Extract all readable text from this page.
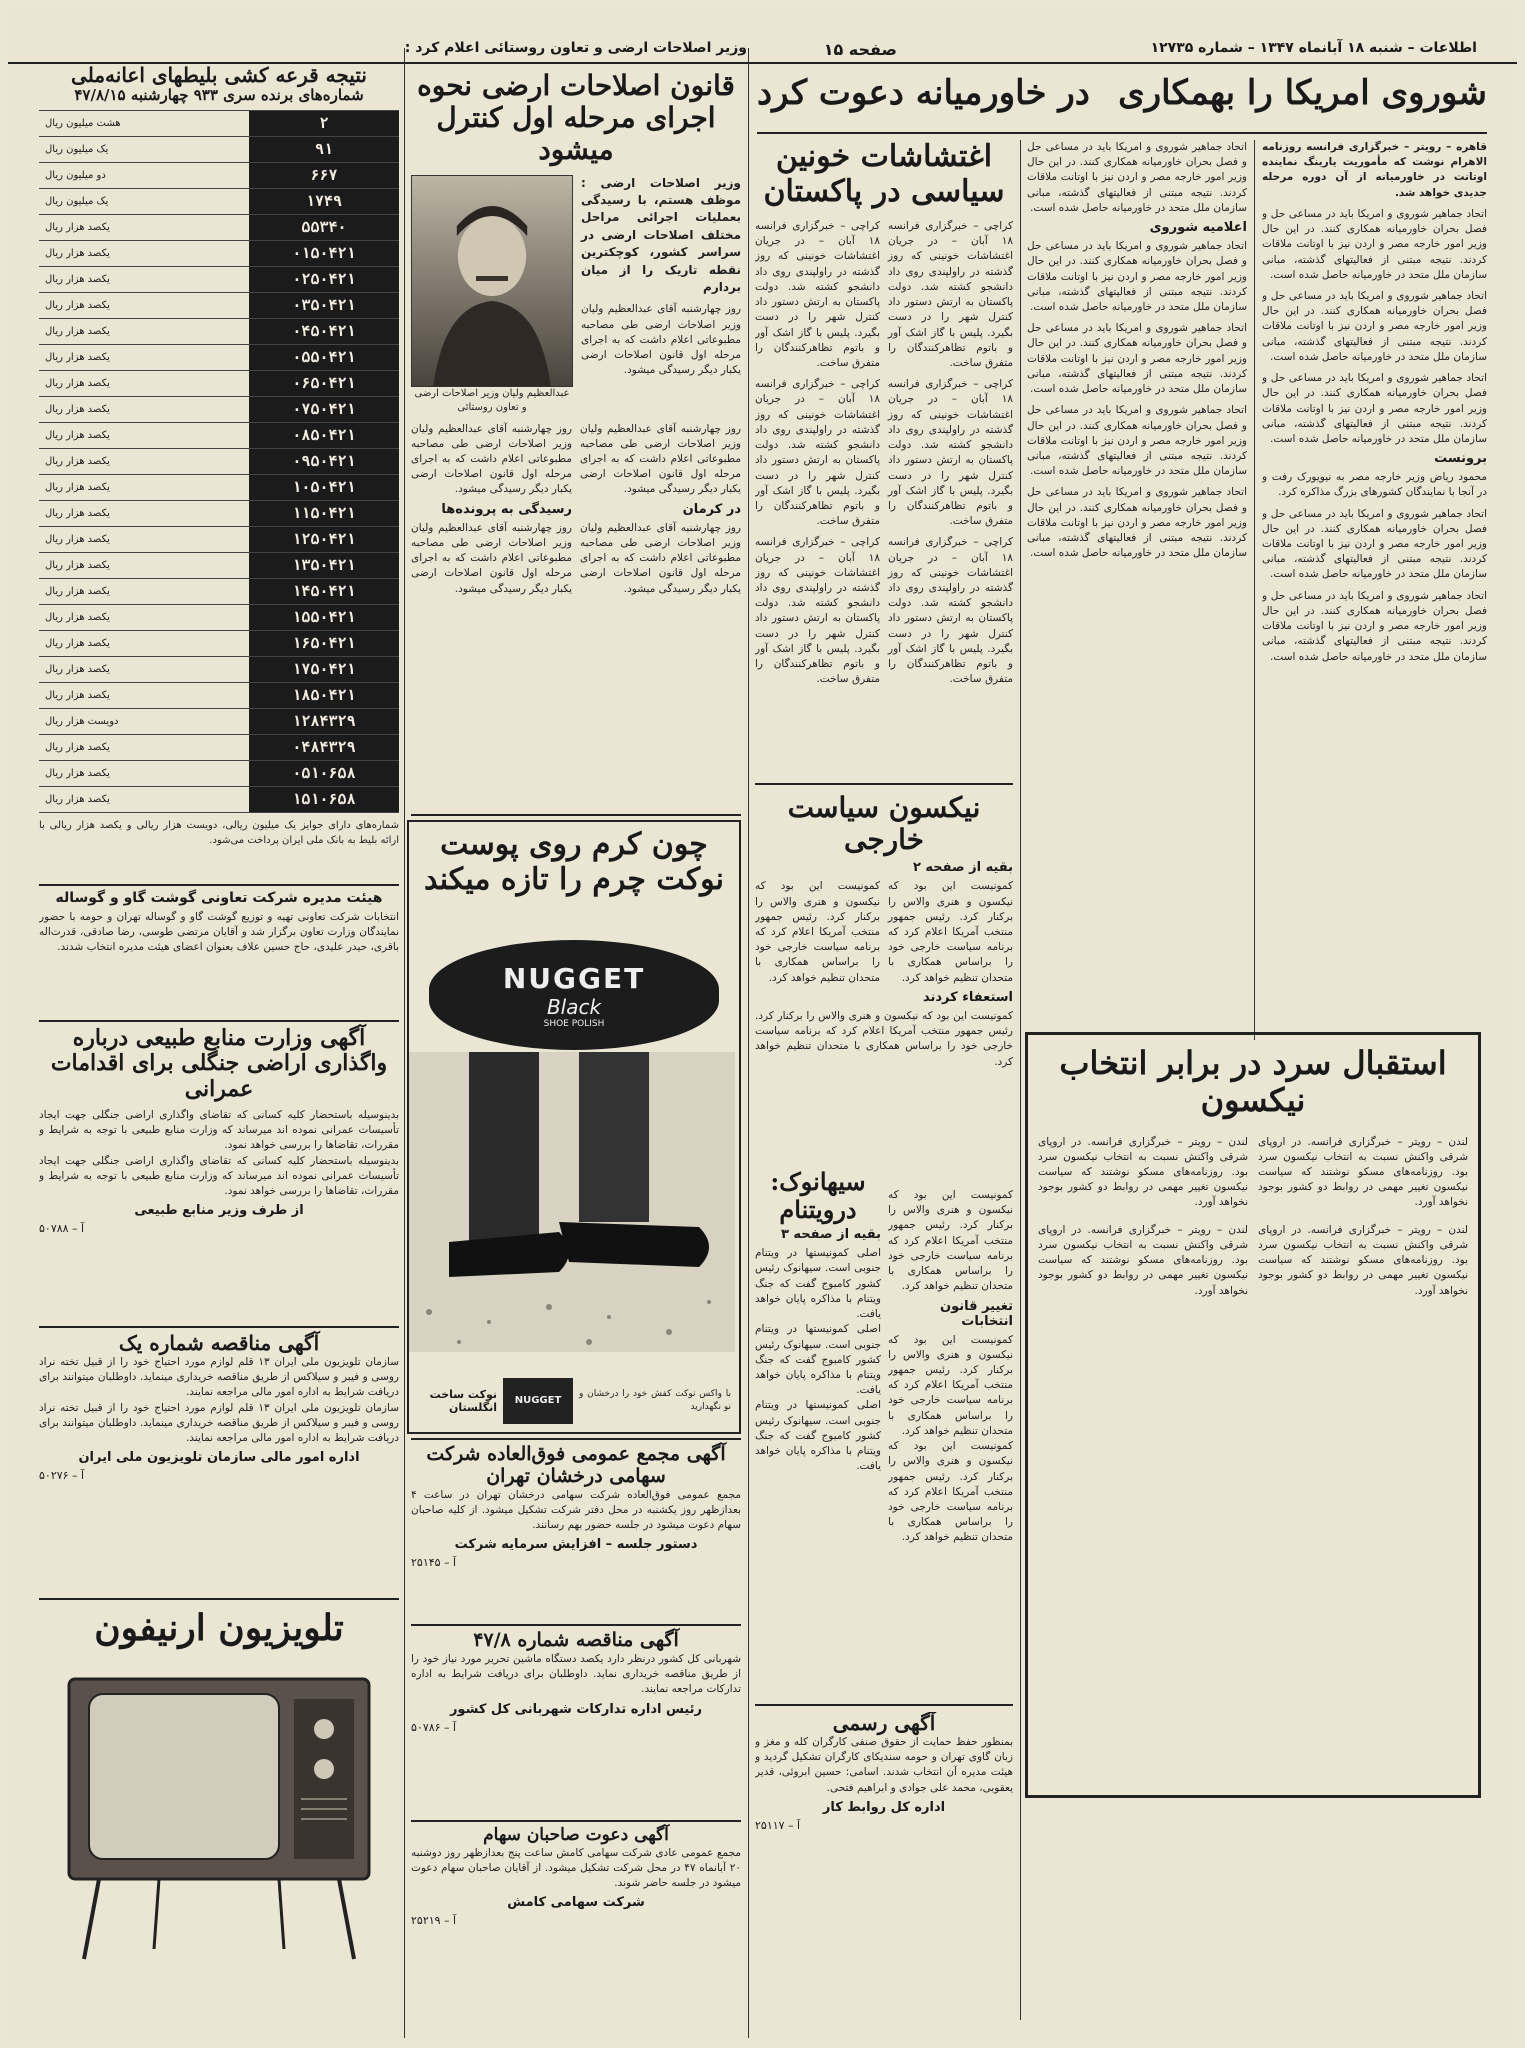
اطلاعات – شنبه ۱۸ آبانماه ۱۳۴۷ – شماره ۱۲۷۳۵
صفحه ۱۵
وزیر اصلاحات ارضی و تعاون روستائی اعلام کرد :
شوروی امریکا را بهمکاری
در خاورمیانه دعوت کرد
قاهره – رویتر – خبرگزاری فرانسه روزنامه الاهرام نوشت که مأموریت یارینگ نماینده اوتانت در خاورمیانه از آن دوره مرحله جدیدی خواهد شد.
اتحاد جماهیر شوروی و امریکا باید در مساعی حل و فصل بحران خاورمیانه همکاری کنند. در این حال وزیر امور خارجه مصر و اردن نیز با اوتانت ملاقات کردند. نتیجه مبتنی از فعالیتهای گذشته، مبانی سازمان ملل متحد در خاورمیانه حاصل شده است.
اتحاد جماهیر شوروی و امریکا باید در مساعی حل و فصل بحران خاورمیانه همکاری کنند. در این حال وزیر امور خارجه مصر و اردن نیز با اوتانت ملاقات کردند. نتیجه مبتنی از فعالیتهای گذشته، مبانی سازمان ملل متحد در خاورمیانه حاصل شده است.
اتحاد جماهیر شوروی و امریکا باید در مساعی حل و فصل بحران خاورمیانه همکاری کنند. در این حال وزیر امور خارجه مصر و اردن نیز با اوتانت ملاقات کردند. نتیجه مبتنی از فعالیتهای گذشته، مبانی سازمان ملل متحد در خاورمیانه حاصل شده است.
برونست
محمود ریاض وزیر خارجه مصر به نیویورک رفت و در آنجا با نمایندگان کشورهای بزرگ مذاکره کرد.
اتحاد جماهیر شوروی و امریکا باید در مساعی حل و فصل بحران خاورمیانه همکاری کنند. در این حال وزیر امور خارجه مصر و اردن نیز با اوتانت ملاقات کردند. نتیجه مبتنی از فعالیتهای گذشته، مبانی سازمان ملل متحد در خاورمیانه حاصل شده است.
اتحاد جماهیر شوروی و امریکا باید در مساعی حل و فصل بحران خاورمیانه همکاری کنند. در این حال وزیر امور خارجه مصر و اردن نیز با اوتانت ملاقات کردند. نتیجه مبتنی از فعالیتهای گذشته، مبانی سازمان ملل متحد در خاورمیانه حاصل شده است.
اتحاد جماهیر شوروی و امریکا باید در مساعی حل و فصل بحران خاورمیانه همکاری کنند. در این حال وزیر امور خارجه مصر و اردن نیز با اوتانت ملاقات کردند. نتیجه مبتنی از فعالیتهای گذشته، مبانی سازمان ملل متحد در خاورمیانه حاصل شده است.
اعلامیه شوروی
اتحاد جماهیر شوروی و امریکا باید در مساعی حل و فصل بحران خاورمیانه همکاری کنند. در این حال وزیر امور خارجه مصر و اردن نیز با اوتانت ملاقات کردند. نتیجه مبتنی از فعالیتهای گذشته، مبانی سازمان ملل متحد در خاورمیانه حاصل شده است.
اتحاد جماهیر شوروی و امریکا باید در مساعی حل و فصل بحران خاورمیانه همکاری کنند. در این حال وزیر امور خارجه مصر و اردن نیز با اوتانت ملاقات کردند. نتیجه مبتنی از فعالیتهای گذشته، مبانی سازمان ملل متحد در خاورمیانه حاصل شده است.
اتحاد جماهیر شوروی و امریکا باید در مساعی حل و فصل بحران خاورمیانه همکاری کنند. در این حال وزیر امور خارجه مصر و اردن نیز با اوتانت ملاقات کردند. نتیجه مبتنی از فعالیتهای گذشته، مبانی سازمان ملل متحد در خاورمیانه حاصل شده است.
اتحاد جماهیر شوروی و امریکا باید در مساعی حل و فصل بحران خاورمیانه همکاری کنند. در این حال وزیر امور خارجه مصر و اردن نیز با اوتانت ملاقات کردند. نتیجه مبتنی از فعالیتهای گذشته، مبانی سازمان ملل متحد در خاورمیانه حاصل شده است.
استقبال سرد در برابر انتخاب نیکسون
لندن – رویتر – خبرگزاری فرانسه. در اروپای شرقی واکنش نسبت به انتخاب نیکسون سرد بود. روزنامه‌های مسکو نوشتند که سیاست نیکسون تغییر مهمی در روابط دو کشور بوجود نخواهد آورد.
لندن – رویتر – خبرگزاری فرانسه. در اروپای شرقی واکنش نسبت به انتخاب نیکسون سرد بود. روزنامه‌های مسکو نوشتند که سیاست نیکسون تغییر مهمی در روابط دو کشور بوجود نخواهد آورد.
لندن – رویتر – خبرگزاری فرانسه. در اروپای شرقی واکنش نسبت به انتخاب نیکسون سرد بود. روزنامه‌های مسکو نوشتند که سیاست نیکسون تغییر مهمی در روابط دو کشور بوجود نخواهد آورد.
لندن – رویتر – خبرگزاری فرانسه. در اروپای شرقی واکنش نسبت به انتخاب نیکسون سرد بود. روزنامه‌های مسکو نوشتند که سیاست نیکسون تغییر مهمی در روابط دو کشور بوجود نخواهد آورد.
اغتشاشات خونین سیاسی در پاکستان
کراچی – خبرگزاری فرانسه ۱۸ آبان – در جریان اغتشاشات خونینی که روز گذشته در راولپندی روی داد دانشجو کشته شد. دولت پاکستان به ارتش دستور داد کنترل شهر را در دست بگیرد. پلیس با گاز اشک آور و باتوم تظاهرکنندگان را متفرق ساخت.
کراچی – خبرگزاری فرانسه ۱۸ آبان – در جریان اغتشاشات خونینی که روز گذشته در راولپندی روی داد دانشجو کشته شد. دولت پاکستان به ارتش دستور داد کنترل شهر را در دست بگیرد. پلیس با گاز اشک آور و باتوم تظاهرکنندگان را متفرق ساخت.
کراچی – خبرگزاری فرانسه ۱۸ آبان – در جریان اغتشاشات خونینی که روز گذشته در راولپندی روی داد دانشجو کشته شد. دولت پاکستان به ارتش دستور داد کنترل شهر را در دست بگیرد. پلیس با گاز اشک آور و باتوم تظاهرکنندگان را متفرق ساخت.
کراچی – خبرگزاری فرانسه ۱۸ آبان – در جریان اغتشاشات خونینی که روز گذشته در راولپندی روی داد دانشجو کشته شد. دولت پاکستان به ارتش دستور داد کنترل شهر را در دست بگیرد. پلیس با گاز اشک آور و باتوم تظاهرکنندگان را متفرق ساخت.
کراچی – خبرگزاری فرانسه ۱۸ آبان – در جریان اغتشاشات خونینی که روز گذشته در راولپندی روی داد دانشجو کشته شد. دولت پاکستان به ارتش دستور داد کنترل شهر را در دست بگیرد. پلیس با گاز اشک آور و باتوم تظاهرکنندگان را متفرق ساخت.
کراچی – خبرگزاری فرانسه ۱۸ آبان – در جریان اغتشاشات خونینی که روز گذشته در راولپندی روی داد دانشجو کشته شد. دولت پاکستان به ارتش دستور داد کنترل شهر را در دست بگیرد. پلیس با گاز اشک آور و باتوم تظاهرکنندگان را متفرق ساخت.
نیکسون سیاست خارجی
بقیه از صفحه ۲
کمونیست این بود که نیکسون و هنری والاس را برکنار کرد. رئیس جمهور منتخب آمریکا اعلام کرد که برنامه سیاست خارجی خود را براساس همکاری با متحدان تنظیم خواهد کرد.
کمونیست این بود که نیکسون و هنری والاس را برکنار کرد. رئیس جمهور منتخب آمریکا اعلام کرد که برنامه سیاست خارجی خود را براساس همکاری با متحدان تنظیم خواهد کرد.
استعفاء کردند
کمونیست این بود که نیکسون و هنری والاس را برکنار کرد. رئیس جمهور منتخب آمریکا اعلام کرد که برنامه سیاست خارجی خود را براساس همکاری با متحدان تنظیم خواهد کرد.
کمونیست این بود که نیکسون و هنری والاس را برکنار کرد. رئیس جمهور منتخب آمریکا اعلام کرد که برنامه سیاست خارجی خود را براساس همکاری با متحدان تنظیم خواهد کرد.
تغییر قانون انتخابات
کمونیست این بود که نیکسون و هنری والاس را برکنار کرد. رئیس جمهور منتخب آمریکا اعلام کرد که برنامه سیاست خارجی خود را براساس همکاری با متحدان تنظیم خواهد کرد.
کمونیست این بود که نیکسون و هنری والاس را برکنار کرد. رئیس جمهور منتخب آمریکا اعلام کرد که برنامه سیاست خارجی خود را براساس همکاری با متحدان تنظیم خواهد کرد.
سیهانوک: درویتنام
بقیه از صفحه ۳
اصلی کمونیستها در ویتنام جنوبی است. سیهانوک رئیس کشور کامبوج گفت که جنگ ویتنام با مذاکره پایان خواهد یافت.
اصلی کمونیستها در ویتنام جنوبی است. سیهانوک رئیس کشور کامبوج گفت که جنگ ویتنام با مذاکره پایان خواهد یافت.
اصلی کمونیستها در ویتنام جنوبی است. سیهانوک رئیس کشور کامبوج گفت که جنگ ویتنام با مذاکره پایان خواهد یافت.
آگهی رسمی
بمنظور حفظ حمایت از حقوق صنفی کارگران کله و مغز و زبان گاوی تهران و حومه سندیکای کارگران تشکیل گردید و هیئت مدیره آن انتخاب شدند. اسامی: حسین ابروئی، قدیر یعقوبی، محمد علی جوادی و ابراهیم فتحی.
اداره کل روابط کار
آ – ۲۵۱۱۷
قانون اصلاحات ارضی نحوه اجرای مرحله اول کنترل میشود
وزیر اصلاحات ارضی : موظف هستم، با رسیدگی بعملیات اجرائی مراحل مختلف اصلاحات ارضی در سراسر کشور، کوچکترین نقطه تاریک را از میان بردارم
روز چهارشنبه آقای عبدالعظیم ولیان وزیر اصلاحات ارضی طی مصاحبه مطبوعاتی اعلام داشت که به اجرای مرحله اول قانون اصلاحات ارضی یکبار دیگر رسیدگی میشود.
عبدالعظیم ولیان وزیر اصلاحات ارضی و تعاون روستائی
روز چهارشنبه آقای عبدالعظیم ولیان وزیر اصلاحات ارضی طی مصاحبه مطبوعاتی اعلام داشت که به اجرای مرحله اول قانون اصلاحات ارضی یکبار دیگر رسیدگی میشود.
روز چهارشنبه آقای عبدالعظیم ولیان وزیر اصلاحات ارضی طی مصاحبه مطبوعاتی اعلام داشت که به اجرای مرحله اول قانون اصلاحات ارضی یکبار دیگر رسیدگی میشود.
در کرمان
روز چهارشنبه آقای عبدالعظیم ولیان وزیر اصلاحات ارضی طی مصاحبه مطبوعاتی اعلام داشت که به اجرای مرحله اول قانون اصلاحات ارضی یکبار دیگر رسیدگی میشود.
رسیدگی به پرونده‌ها
روز چهارشنبه آقای عبدالعظیم ولیان وزیر اصلاحات ارضی طی مصاحبه مطبوعاتی اعلام داشت که به اجرای مرحله اول قانون اصلاحات ارضی یکبار دیگر رسیدگی میشود.
چون کرم روی پوست نوکت چرم را تازه میکند
NUGGET
Black
SHOE POLISH
با واکس نوکت کفش خود را درخشان و نو نگهدارید
NUGGET
نوکت ساخت انگلستان
آگهی مجمع عمومی فوق‌العاده شرکت سهامی درخشان تهران
مجمع عمومی فوق‌العاده شرکت سهامی درخشان تهران در ساعت ۴ بعدازظهر روز یکشنبه در محل دفتر شرکت تشکیل میشود. از کلیه صاحبان سهام دعوت میشود در جلسه حضور بهم رسانند.
دستور جلسه – افزایش سرمایه شرکت
آ – ۲۵۱۴۵
آگهی مناقصه شماره ۴۷/۸
شهربانی کل کشور درنظر دارد یکصد دستگاه ماشین تحریر مورد نیاز خود را از طریق مناقصه خریداری نماید. داوطلبان برای دریافت شرایط به اداره تدارکات مراجعه نمایند.
رئیس اداره تدارکات شهربانی کل کشور
آ – ۵۰۷۸۶
آگهی دعوت صاحبان سهام
مجمع عمومی عادی شرکت سهامی کامش ساعت پنج بعدازظهر روز دوشنبه ۲۰ آبانماه ۴۷ در محل شرکت تشکیل میشود. از آقایان صاحبان سهام دعوت میشود در جلسه حاضر شوند.
شرکت سهامی کامش
آ – ۲۵۲۱۹
نتیجه قرعه کشی بلیطهای اعانه‌ملی
شماره‌های برنده سری ۹۳۳ چهارشنبه ۴۷/۸/۱۵
۲
هشت میلیون ریال
۹۱
یک میلیون ریال
۶۶۷
دو میلیون ریال
۱۷۴۹
یک میلیون ریال
۵۵۳۴۰
یکصد هزار ریال
۰۱۵۰۴۲۱
یکصد هزار ریال
۰۲۵۰۴۲۱
یکصد هزار ریال
۰۳۵۰۴۲۱
یکصد هزار ریال
۰۴۵۰۴۲۱
یکصد هزار ریال
۰۵۵۰۴۲۱
یکصد هزار ریال
۰۶۵۰۴۲۱
یکصد هزار ریال
۰۷۵۰۴۲۱
یکصد هزار ریال
۰۸۵۰۴۲۱
یکصد هزار ریال
۰۹۵۰۴۲۱
یکصد هزار ریال
۱۰۵۰۴۲۱
یکصد هزار ریال
۱۱۵۰۴۲۱
یکصد هزار ریال
۱۲۵۰۴۲۱
یکصد هزار ریال
۱۳۵۰۴۲۱
یکصد هزار ریال
۱۴۵۰۴۲۱
یکصد هزار ریال
۱۵۵۰۴۲۱
یکصد هزار ریال
۱۶۵۰۴۲۱
یکصد هزار ریال
۱۷۵۰۴۲۱
یکصد هزار ریال
۱۸۵۰۴۲۱
یکصد هزار ریال
۱۲۸۴۳۲۹
دویست هزار ریال
۰۴۸۴۳۲۹
یکصد هزار ریال
۰۵۱۰۶۵۸
یکصد هزار ریال
۱۵۱۰۶۵۸
یکصد هزار ریال
شماره‌های دارای جوایز یک میلیون ریالی، دویست هزار ریالی و یکصد هزار ریالی با ارائه بلیط به بانک ملی ایران پرداخت می‌شود.
هیئت مدیره شرکت تعاونی گوشت گاو و گوساله
انتخابات شرکت تعاونی تهیه و توزیع گوشت گاو و گوساله تهران و حومه با حضور نمایندگان وزارت تعاون برگزار شد و آقایان مرتضی طوسی، رضا صادقی، قدرت‌اله باقری، حیدر علیدی، حاج حسین علاف بعنوان اعضای هیئت مدیره انتخاب شدند.
آگهی وزارت منابع طبیعی درباره واگذاری اراضی جنگلی برای اقدامات عمرانی
بدینوسیله باستحضار کلیه کسانی که تقاضای واگذاری اراضی جنگلی جهت ایجاد تأسیسات عمرانی نموده اند میرساند که وزارت منابع طبیعی با توجه به شرایط و مقررات، تقاضاها را بررسی خواهد نمود.
بدینوسیله باستحضار کلیه کسانی که تقاضای واگذاری اراضی جنگلی جهت ایجاد تأسیسات عمرانی نموده اند میرساند که وزارت منابع طبیعی با توجه به شرایط و مقررات، تقاضاها را بررسی خواهد نمود.
از طرف وزیر منابع طبیعی
آ – ۵۰۷۸۸
آگهی مناقصه شماره یک
سازمان تلویزیون ملی ایران ۱۳ قلم لوازم مورد احتیاج خود را از قبیل تخته نراد روسی و فیبر و سیلاکس از طریق مناقصه خریداری مینماید. داوطلبان میتوانند برای دریافت شرایط به اداره امور مالی مراجعه نمایند.
سازمان تلویزیون ملی ایران ۱۳ قلم لوازم مورد احتیاج خود را از قبیل تخته نراد روسی و فیبر و سیلاکس از طریق مناقصه خریداری مینماید. داوطلبان میتوانند برای دریافت شرایط به اداره امور مالی مراجعه نمایند.
اداره امور مالی سازمان تلویزیون ملی ایران
آ – ۵۰۲۷۶
تلویزیون ارنیفون
